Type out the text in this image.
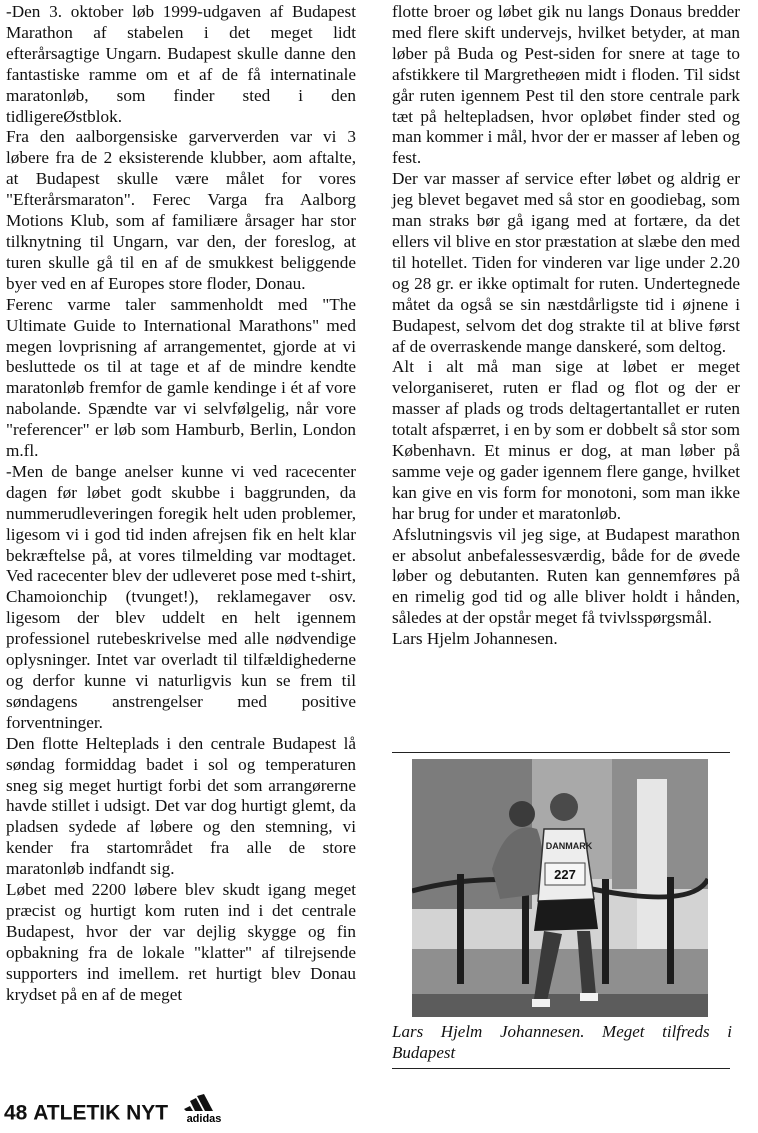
-Den 3. oktober løb 1999-udgaven af Budapest Marathon af stabelen i det meget lidt efterårsagtige Ungarn. Budapest skulle danne den fantastiske ramme om et af de få internatinale maratonløb, som finder sted i den tidligereØstblok.

Fra den aalborgensiske garververden var vi 3 løbere fra de 2 eksisterende klubber, aom aftalte, at Budapest skulle være målet for vores "Efterårsmaraton". Ferec Varga fra Aalborg Motions Klub, som af familiære årsager har stor tilknytning til Ungarn, var den, der foreslog, at turen skulle gå til en af de smukkest beliggende byer ved en af Europes store floder, Donau.

Ferenc varme taler sammenholdt med "The Ultimate Guide to International Marathons" med megen lovprisning af arrangementet, gjorde at vi besluttede os til at tage et af de mindre kendte maratonløb fremfor de gamle kendinge i ét af vore nabolande. Spændte var vi selvfølgelig, når vore "referencer" er løb som Hamburb, Berlin, London m.fl.

-Men de bange anelser kunne vi ved racecenter dagen før løbet godt skubbe i baggrunden, da nummerudleveringen foregik helt uden problemer, ligesom vi i god tid inden afrejsen fik en helt klar bekræftelse på, at vores tilmelding var modtaget. Ved racecenter blev der udleveret pose med t-shirt, Chamoionchip (tvunget!), reklamegaver osv. ligesom der blev uddelt en helt igennem professionel rutebeskrivelse med alle nødvendige oplysninger. Intet var overladt til tilfældighederne og derfor kunne vi naturligvis kun se frem til søndagens anstrengelser med positive forventninger.

Den flotte Helteplads i den centrale Budapest lå søndag formiddag badet i sol og temperaturen sneg sig meget hurtigt forbi det som arrangørerne havde stillet i udsigt. Det var dog hurtigt glemt, da pladsen sydede af løbere og den stemning, vi kender fra startområdet fra alle de store maratonløb indfandt sig.

Løbet med 2200 løbere blev skudt igang meget præcist og hurtigt kom ruten ind i det centrale Budapest, hvor der var dejlig skygge og fin opbakning fra de lokale "klatter" af tilrejsende supporters ind imellem. ret hurtigt blev Donau krydset på en af de meget

flotte broer og løbet gik nu langs Donaus bredder med flere skift undervejs, hvilket betyder, at man løber på Buda og Pest-siden for snere at tage to afstikkere til Margretheøen midt i floden. Til sidst går ruten igennem Pest til den store centrale park tæt på heltepladsen, hvor opløbet finder sted og man kommer i mål, hvor der er masser af leben og fest.

Der var masser af service efter løbet og aldrig er jeg blevet begavet med så stor en goodiebag, som man straks bør gå igang med at fortære, da det ellers vil blive en stor præstation at slæbe den med til hotellet. Tiden for vinderen var lige under 2.20 og 28 gr. er ikke optimalt for ruten. Undertegnede måtet da også se sin næstdårligste tid i øjnene i Budapest, selvom det dog strakte til at blive først af de overraskende mange danskeré, som deltog.

Alt i alt må man sige at løbet er meget velorganiseret, ruten er flad og flot og der er masser af plads og trods deltagertantallet er ruten totalt afspærret, i en by som er dobbelt så stor som København. Et minus er dog, at man løber på samme veje og gader igennem flere gange, hvilket kan give en vis form for monotoni, som man ikke har brug for under et maratonløb.

Afslutningsvis vil jeg sige, at Budapest marathon er absolut anbefalessesværdig, både for de øvede løber og debutanten. Ruten kan gennemføres på en rimelig god tid og alle bliver holdt i hånden, således at der opstår meget få tvivlsspørgsmål.

Lars Hjelm Johannesen.

227
DANMARK
Lars Hjelm Johannesen. Meget tilfreds i Budapest
48 ATLETIK NYT adidas
